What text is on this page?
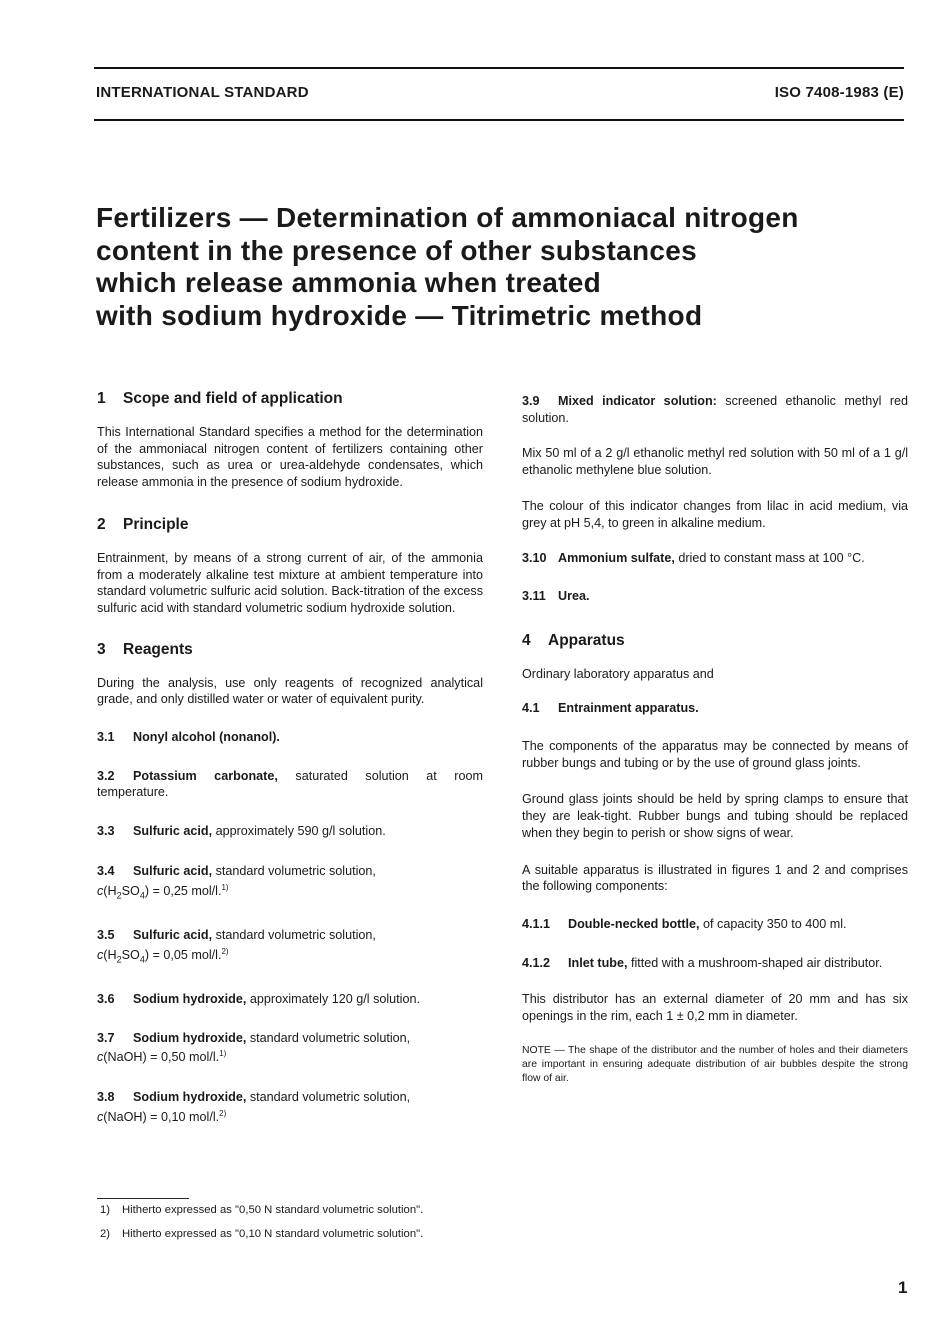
INTERNATIONAL STANDARD	ISO 7408-1983 (E)
Fertilizers — Determination of ammoniacal nitrogen
content in the presence of other substances
which release ammonia when treated
with sodium hydroxide — Titrimetric method
1 Scope and field of application

This International Standard specifies a method for the determination of the ammoniacal nitrogen content of fertilizers containing other substances, such as urea or urea-aldehyde condensates, which release ammonia in the presence of sodium hydroxide.

2 Principle

Entrainment, by means of a strong current of air, of the ammonia from a moderately alkaline test mixture at ambient temperature into standard volumetric sulfuric acid solution. Back-titration of the excess sulfuric acid with standard volumetric sodium hydroxide solution.

3 Reagents

During the analysis, use only reagents of recognized analytical grade, and only distilled water or water of equivalent purity.

3.1 Nonyl alcohol (nonanol).

3.2 Potassium carbonate, saturated solution at room temperature.

3.3 Sulfuric acid, approximately 590 g/l solution.

3.4 Sulfuric acid, standard volumetric solution,
$c(H_2SO_4) = 0,25$ mol/l.$^{1)}$

3.5 Sulfuric acid, standard volumetric solution,
$c(H_2SO_4) = 0,05$ mol/l.$^{2)}$

3.6 Sodium hydroxide, approximately 120 g/l solution.

3.7 Sodium hydroxide, standard volumetric solution,
c(NaOH) = 0,50 mol/l.$^{1)}$

3.8 Sodium hydroxide, standard volumetric solution,
c(NaOH) = 0,10 mol/l.$^{2)}$

1) Hitherto expressed as "0,50 N standard volumetric solution".
2) Hitherto expressed as "0,10 N standard volumetric solution".

3.9 Mixed indicator solution: screened ethanolic methyl red solution.

Mix 50 ml of a 2 g/l ethanolic methyl red solution with 50 ml of a 1 g/l ethanolic methylene blue solution.

The colour of this indicator changes from lilac in acid medium, via grey at pH 5,4, to green in alkaline medium.

3.10 Ammonium sulfate, dried to constant mass at 100 °C.

3.11 Urea.

4 Apparatus

Ordinary laboratory apparatus and

4.1 Entrainment apparatus.

The components of the apparatus may be connected by means of rubber bungs and tubing or by the use of ground glass joints.

Ground glass joints should be held by spring clamps to ensure that they are leak-tight. Rubber bungs and tubing should be replaced when they begin to perish or show signs of wear.

A suitable apparatus is illustrated in figures 1 and 2 and comprises the following components:

4.1.1 Double-necked bottle, of capacity 350 to 400 ml.

4.1.2 Inlet tube, fitted with a mushroom-shaped air distributor.

This distributor has an external diameter of 20 mm and has six openings in the rim, each 1 ± 0,2 mm in diameter.

NOTE — The shape of the distributor and the number of holes and their diameters are important in ensuring adequate distribution of air bubbles despite the strong flow of air.

1
